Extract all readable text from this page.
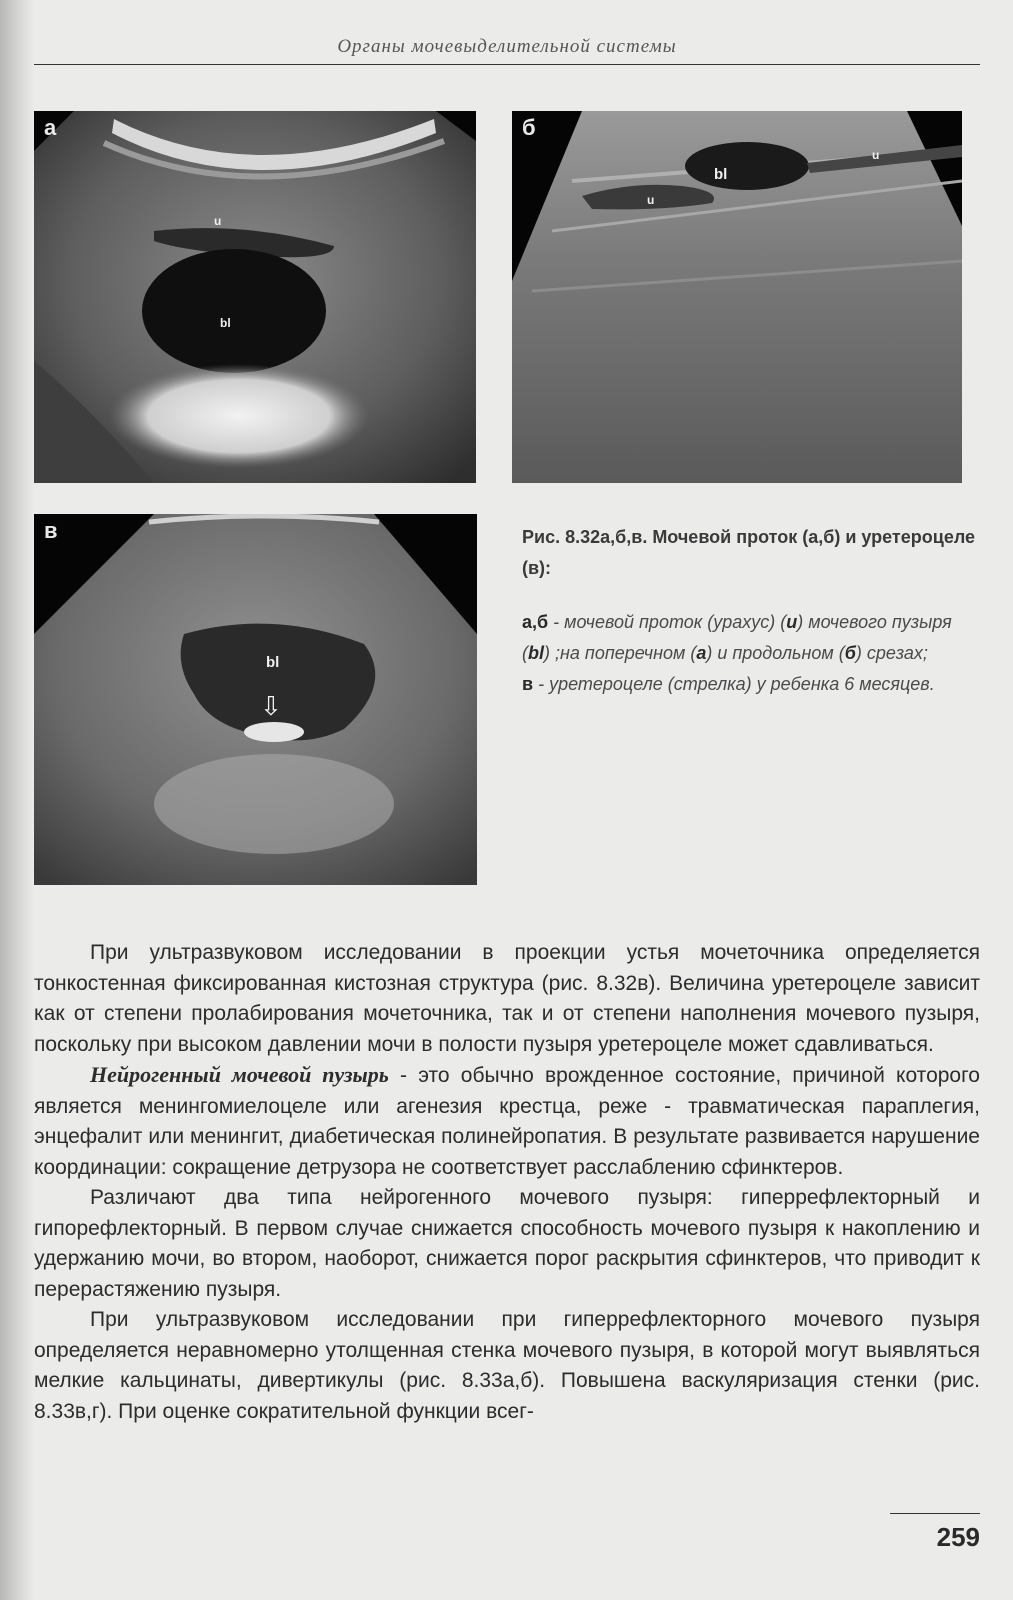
Органы мочевыделительной системы
а
u
bl
б
bl
u
u
в
bl
⇩

Рис. 8.32а,б,в. Мочевой проток (а,б) и уретероцеле (в):

а,б - мочевой проток (урахус) (u) мочевого пузыря (bl) ;на поперечном (а) и продольном (б) срезах;
в - уретероцеле (стрелка) у ребенка 6 месяцев.

При ультразвуковом исследовании в проекции устья мочеточника определяется тонкостенная фиксированная кистозная структура (рис. 8.32в). Величина уретероцеле зависит как от степени пролабирования мочеточника, так и от степени наполнения мочевого пузыря, поскольку при высоком давлении мочи в полости пузыря уретероцеле может сдавливаться.

Нейрогенный мочевой пузырь - это обычно врожденное состояние, причиной которого является менингомиелоцеле или агенезия крестца, реже - травматическая параплегия, энцефалит или менингит, диабетическая полинейропатия. В результате развивается нарушение координации: сокращение детрузора не соответствует расслаблению сфинктеров.

Различают два типа нейрогенного мочевого пузыря: гиперрефлекторный и гипорефлекторный. В первом случае снижается способность мочевого пузыря к накоплению и удержанию мочи, во втором, наоборот, снижается порог раскрытия сфинктеров, что приводит к перерастяжению пузыря.

При ультразвуковом исследовании при гиперрефлекторного мочевого пузыря определяется неравномерно утолщенная стенка мочевого пузыря, в которой могут выявляться мелкие кальцинаты, дивертикулы (рис. 8.33а,б). Повышена васкуляризация стенки (рис. 8.33в,г). При оценке сократительной функции всег-

259
